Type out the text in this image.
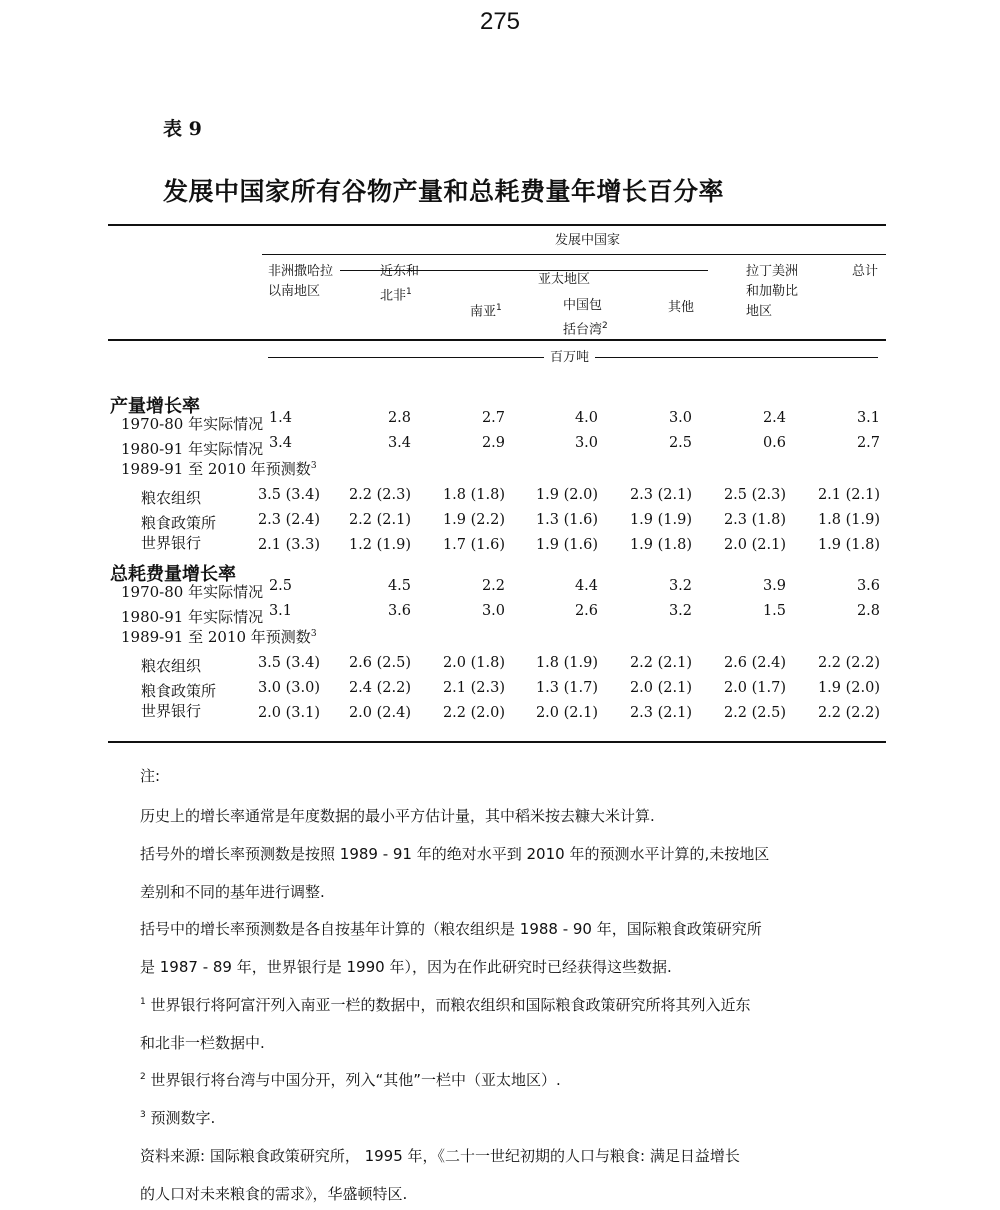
275
表 9
发展中国家所有谷物产量和总耗费量年增长百分率
发展中国家
亚太地区
非洲撒哈拉
以南地区
近东和
北非$^1$
南亚$^1$	中国包
括台湾$^2$
其他
拉丁美洲
和加勒比
地区
总计
百万吨
产量增长率
1970-80 年实际情况 1.4	2.8	2.7	4.0	3.0	2.4	3.1
1980-91 年实际情况 3.4	3.4	2.9	3.0	2.5	0.6	2.7
1989-91 至 2010 年预测数$^3$
粮农组织	3.5 (3.4)	2.2 (2.3)	1.8 (1.8)	1.9 (2.0)	2.3 (2.1)	2.5 (2.3)	2.1 (2.1)
粮食政策所	2.3 (2.4)	2.2 (2.1)	1.9 (2.2)	1.3 (1.6)	1.9 (1.9)	2.3 (1.8)	1.8 (1.9)
世界银行	2.1 (3.3)	1.2 (1.9)	1.7 (1.6)	1.9 (1.6)	1.9 (1.8)	2.0 (2.1)	1.9 (1.8)
总耗费量增长率
1970-80 年实际情况 2.5	4.5	2.2	4.4	3.2	3.9	3.6
1980-91 年实际情况 3.1	3.6	3.0	2.6	3.2	1.5	2.8
1989-91 至 2010 年预测数$^3$
粮农组织	3.5 (3.4)	2.6 (2.5)	2.0 (1.8)	1.8 (1.9)	2.2 (2.1)	2.6 (2.4)	2.2 (2.2)
粮食政策所	3.0 (3.0)	2.4 (2.2)	2.1 (2.3)	1.3 (1.7)	2.0 (2.1)	2.0 (1.7)	1.9 (2.0)
世界银行	2.0 (3.1)	2.0 (2.4)	2.2 (2.0)	2.0 (2.1)	2.3 (2.1)	2.2 (2.5)	2.2 (2.2)
注:
历史上的增长率通常是年度数据的最小平方估计量，其中稻米按去糠大米计算.
括号外的增长率预测数是按照 1989 - 91 年的绝对水平到 2010 年的预测水平计算的,未按地区
差别和不同的基年进行调整.
括号中的增长率预测数是各自按基年计算的（粮农组织是 1988 - 90 年，国际粮食政策研究所
是 1987 - 89 年，世界银行是 1990 年），因为在作此研究时已经获得这些数据.
$^1$ 世界银行将阿富汗列入南亚一栏的数据中，而粮农组织和国际粮食政策研究所将其列入近东
和北非一栏数据中.
$^2$ 世界银行将台湾与中国分开，列入“其他”一栏中（亚太地区）.
$^3$ 预测数字.
资料来源: 国际粮食政策研究所， 1995 年，《二十一世纪初期的人口与粮食: 满足日益增长
的人口对未来粮食的需求》，华盛顿特区.
